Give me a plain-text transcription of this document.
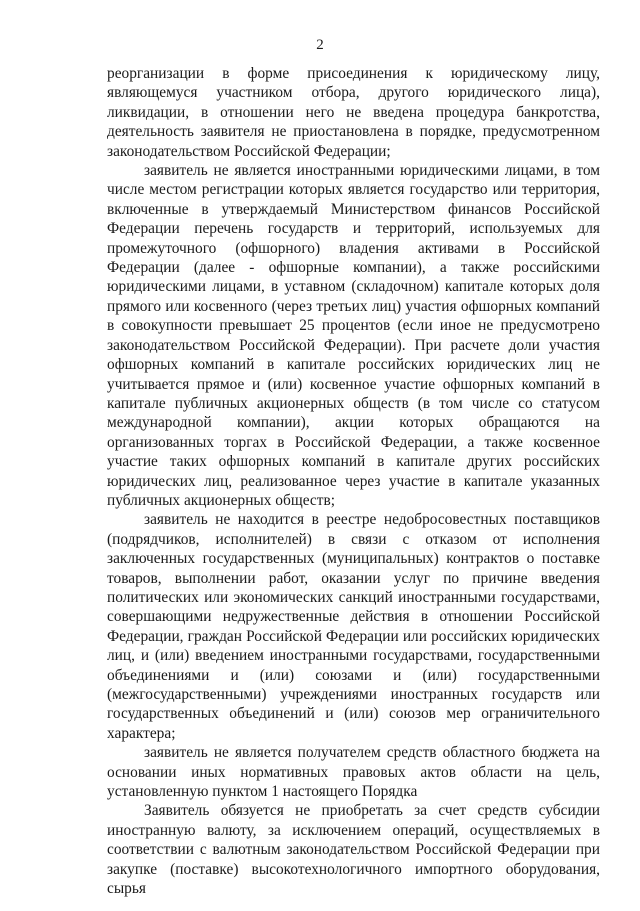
2

реорганизации в форме присоединения к юридическому лицу, являющемуся участником отбора, другого юридического лица), ликвидации, в отношении него не введена процедура банкротства, деятельность заявителя не приостановлена в порядке, предусмотренном законодательством Российской Федерации;

заявитель не является иностранными юридическими лицами, в том числе местом регистрации которых является государство или территория, включенные в утверждаемый Министерством финансов Российской Федерации перечень государств и территорий, используемых для промежуточного (офшорного) владения активами в Российской Федерации (далее - офшорные компании), а также российскими юридическими лицами, в уставном (складочном) капитале которых доля прямого или косвенного (через третьих лиц) участия офшорных компаний в совокупности превышает 25 процентов (если иное не предусмотрено законодательством Российской Федерации). При расчете доли участия офшорных компаний в капитале российских юридических лиц не учитывается прямое и (или) косвенное участие офшорных компаний в капитале публичных акционерных обществ (в том числе со статусом международной компании), акции которых обращаются на организованных торгах в Российской Федерации, а также косвенное участие таких офшорных компаний в капитале других российских юридических лиц, реализованное через участие в капитале указанных публичных акционерных обществ;

заявитель не находится в реестре недобросовестных поставщиков (подрядчиков, исполнителей) в связи с отказом от исполнения заключенных государственных (муниципальных) контрактов о поставке товаров, выполнении работ, оказании услуг по причине введения политических или экономических санкций иностранными государствами, совершающими недружественные действия в отношении Российской Федерации, граждан Российской Федерации или российских юридических лиц, и (или) введением иностранными государствами, государственными объединениями и (или) союзами и (или) государственными (межгосударственными) учреждениями иностранных государств или государственных объединений и (или) союзов мер ограничительного характера;

заявитель не является получателем средств областного бюджета на основании иных нормативных правовых актов области на цель, установленную пунктом 1 настоящего Порядка

Заявитель обязуется не приобретать за счет средств субсидии иностранную валюту, за исключением операций, осуществляемых в соответствии с валютным законодательством Российской Федерации при закупке (поставке) высокотехнологичного импортного оборудования, сырья
